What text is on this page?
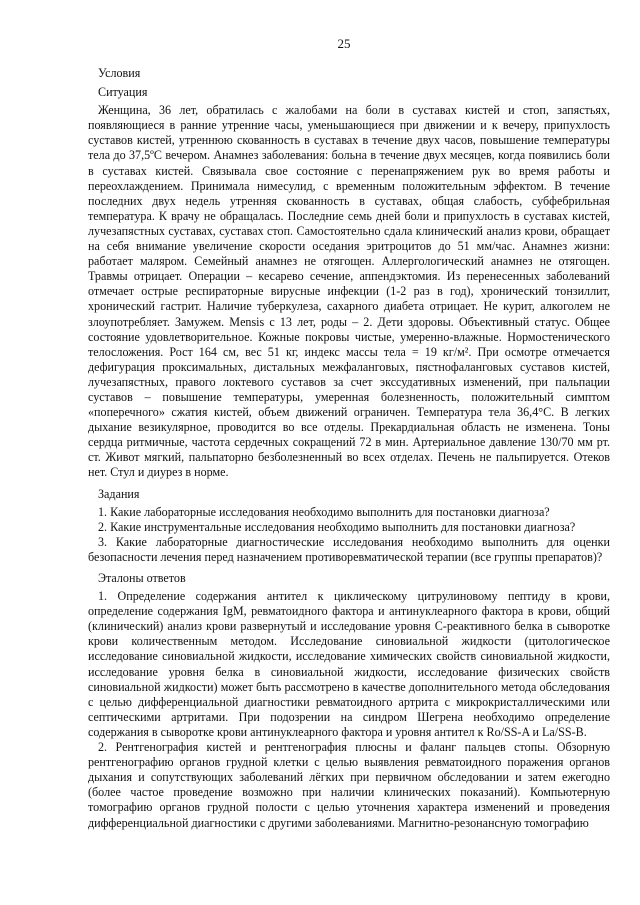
25

Условия

Ситуация

Женщина, 36 лет, обратилась с жалобами на боли в суставах кистей и стоп, запястьях, появляющиеся в ранние утренние часы, уменьшающиеся при движении и к вечеру, припухлость суставов кистей, утреннюю скованность в суставах в течение двух часов, повышение температуры тела до 37,5ºС вечером. Анамнез заболевания: больна в течение двух месяцев, когда появились боли в суставах кистей. Связывала свое состояние с перенапряжением рук во время работы и переохлаждением. Принимала нимесулид, с временным положительным эффектом. В течение последних двух недель утренняя скованность в суставах, общая слабость, субфебрильная температура. К врачу не обращалась. Последние семь дней боли и припухлость в суставах кистей, лучезапястных суставах, суставах стоп. Самостоятельно сдала клинический анализ крови, обращает на себя внимание увеличение скорости оседания эритроцитов до 51 мм/час. Анамнез жизни: работает маляром. Семейный анамнез не отягощен. Аллергологический анамнез не отягощен. Травмы отрицает. Операции – кесарево сечение, аппендэктомия. Из перенесенных заболеваний отмечает острые респираторные вирусные инфекции (1-2 раз в год), хронический тонзиллит, хронический гастрит. Наличие туберкулеза, сахарного диабета отрицает. Не курит, алкоголем не злоупотребляет. Замужем. Mensis с 13 лет, роды – 2. Дети здоровы. Объективный статус. Общее состояние удовлетворительное. Кожные покровы чистые, умеренно-влажные. Нормостенического телосложения. Рост 164 см, вес 51 кг, индекс массы тела = 19 кг/м². При осмотре отмечается дефигурация проксимальных, дистальных межфаланговых, пястнофаланговых суставов кистей, лучезапястных, правого локтевого суставов за счет экссудативных изменений, при пальпации суставов – повышение температуры, умеренная болезненность, положительный симптом «поперечного» сжатия кистей, объем движений ограничен. Температура тела 36,4°С. В легких дыхание везикулярное, проводится во все отделы. Прекардиальная область не изменена. Тоны сердца ритмичные, частота сердечных сокращений 72 в мин. Артериальное давление 130/70 мм рт. ст. Живот мягкий, пальпаторно безболезненный во всех отделах. Печень не пальпируется. Отеков нет. Стул и диурез в норме.

Задания

1. Какие лабораторные исследования необходимо выполнить для постановки диагноза?

2. Какие инструментальные исследования необходимо выполнить для постановки диагноза?

3. Какие лабораторные диагностические исследования необходимо выполнить для оценки безопасности лечения перед назначением противоревматической терапии (все группы препаратов)?

Эталоны ответов

1. Определение содержания антител к циклическому цитрулиновому пептиду в крови, определение содержания IgM, ревматоидного фактора и антинуклеарного фактора в крови, общий (клинический) анализ крови развернутый и исследование уровня С-реактивного белка в сыворотке крови количественным методом. Исследование синовиальной жидкости (цитологическое исследование синовиальной жидкости, исследование химических свойств синовиальной жидкости, исследование уровня белка в синовиальной жидкости, исследование физических свойств синовиальной жидкости) может быть рассмотрено в качестве дополнительного метода обследования с целью дифференциальной диагностики ревматоидного артрита с микрокристаллическими или септическими артритами. При подозрении на синдром Шегрена необходимо определение содержания в сыворотке крови антинуклеарного фактора и уровня антител к Ro/SS-A и La/SS-B.

2. Рентгенография кистей и рентгенография плюсны и фаланг пальцев стопы. Обзорную рентгенографию органов грудной клетки с целью выявления ревматоидного поражения органов дыхания и сопутствующих заболеваний лёгких при первичном обследовании и затем ежегодно (более частое проведение возможно при наличии клинических показаний). Компьютерную томографию органов грудной полости с целью уточнения характера изменений и проведения дифференциальной диагностики с другими заболеваниями. Магнитно-резонансную томографию
